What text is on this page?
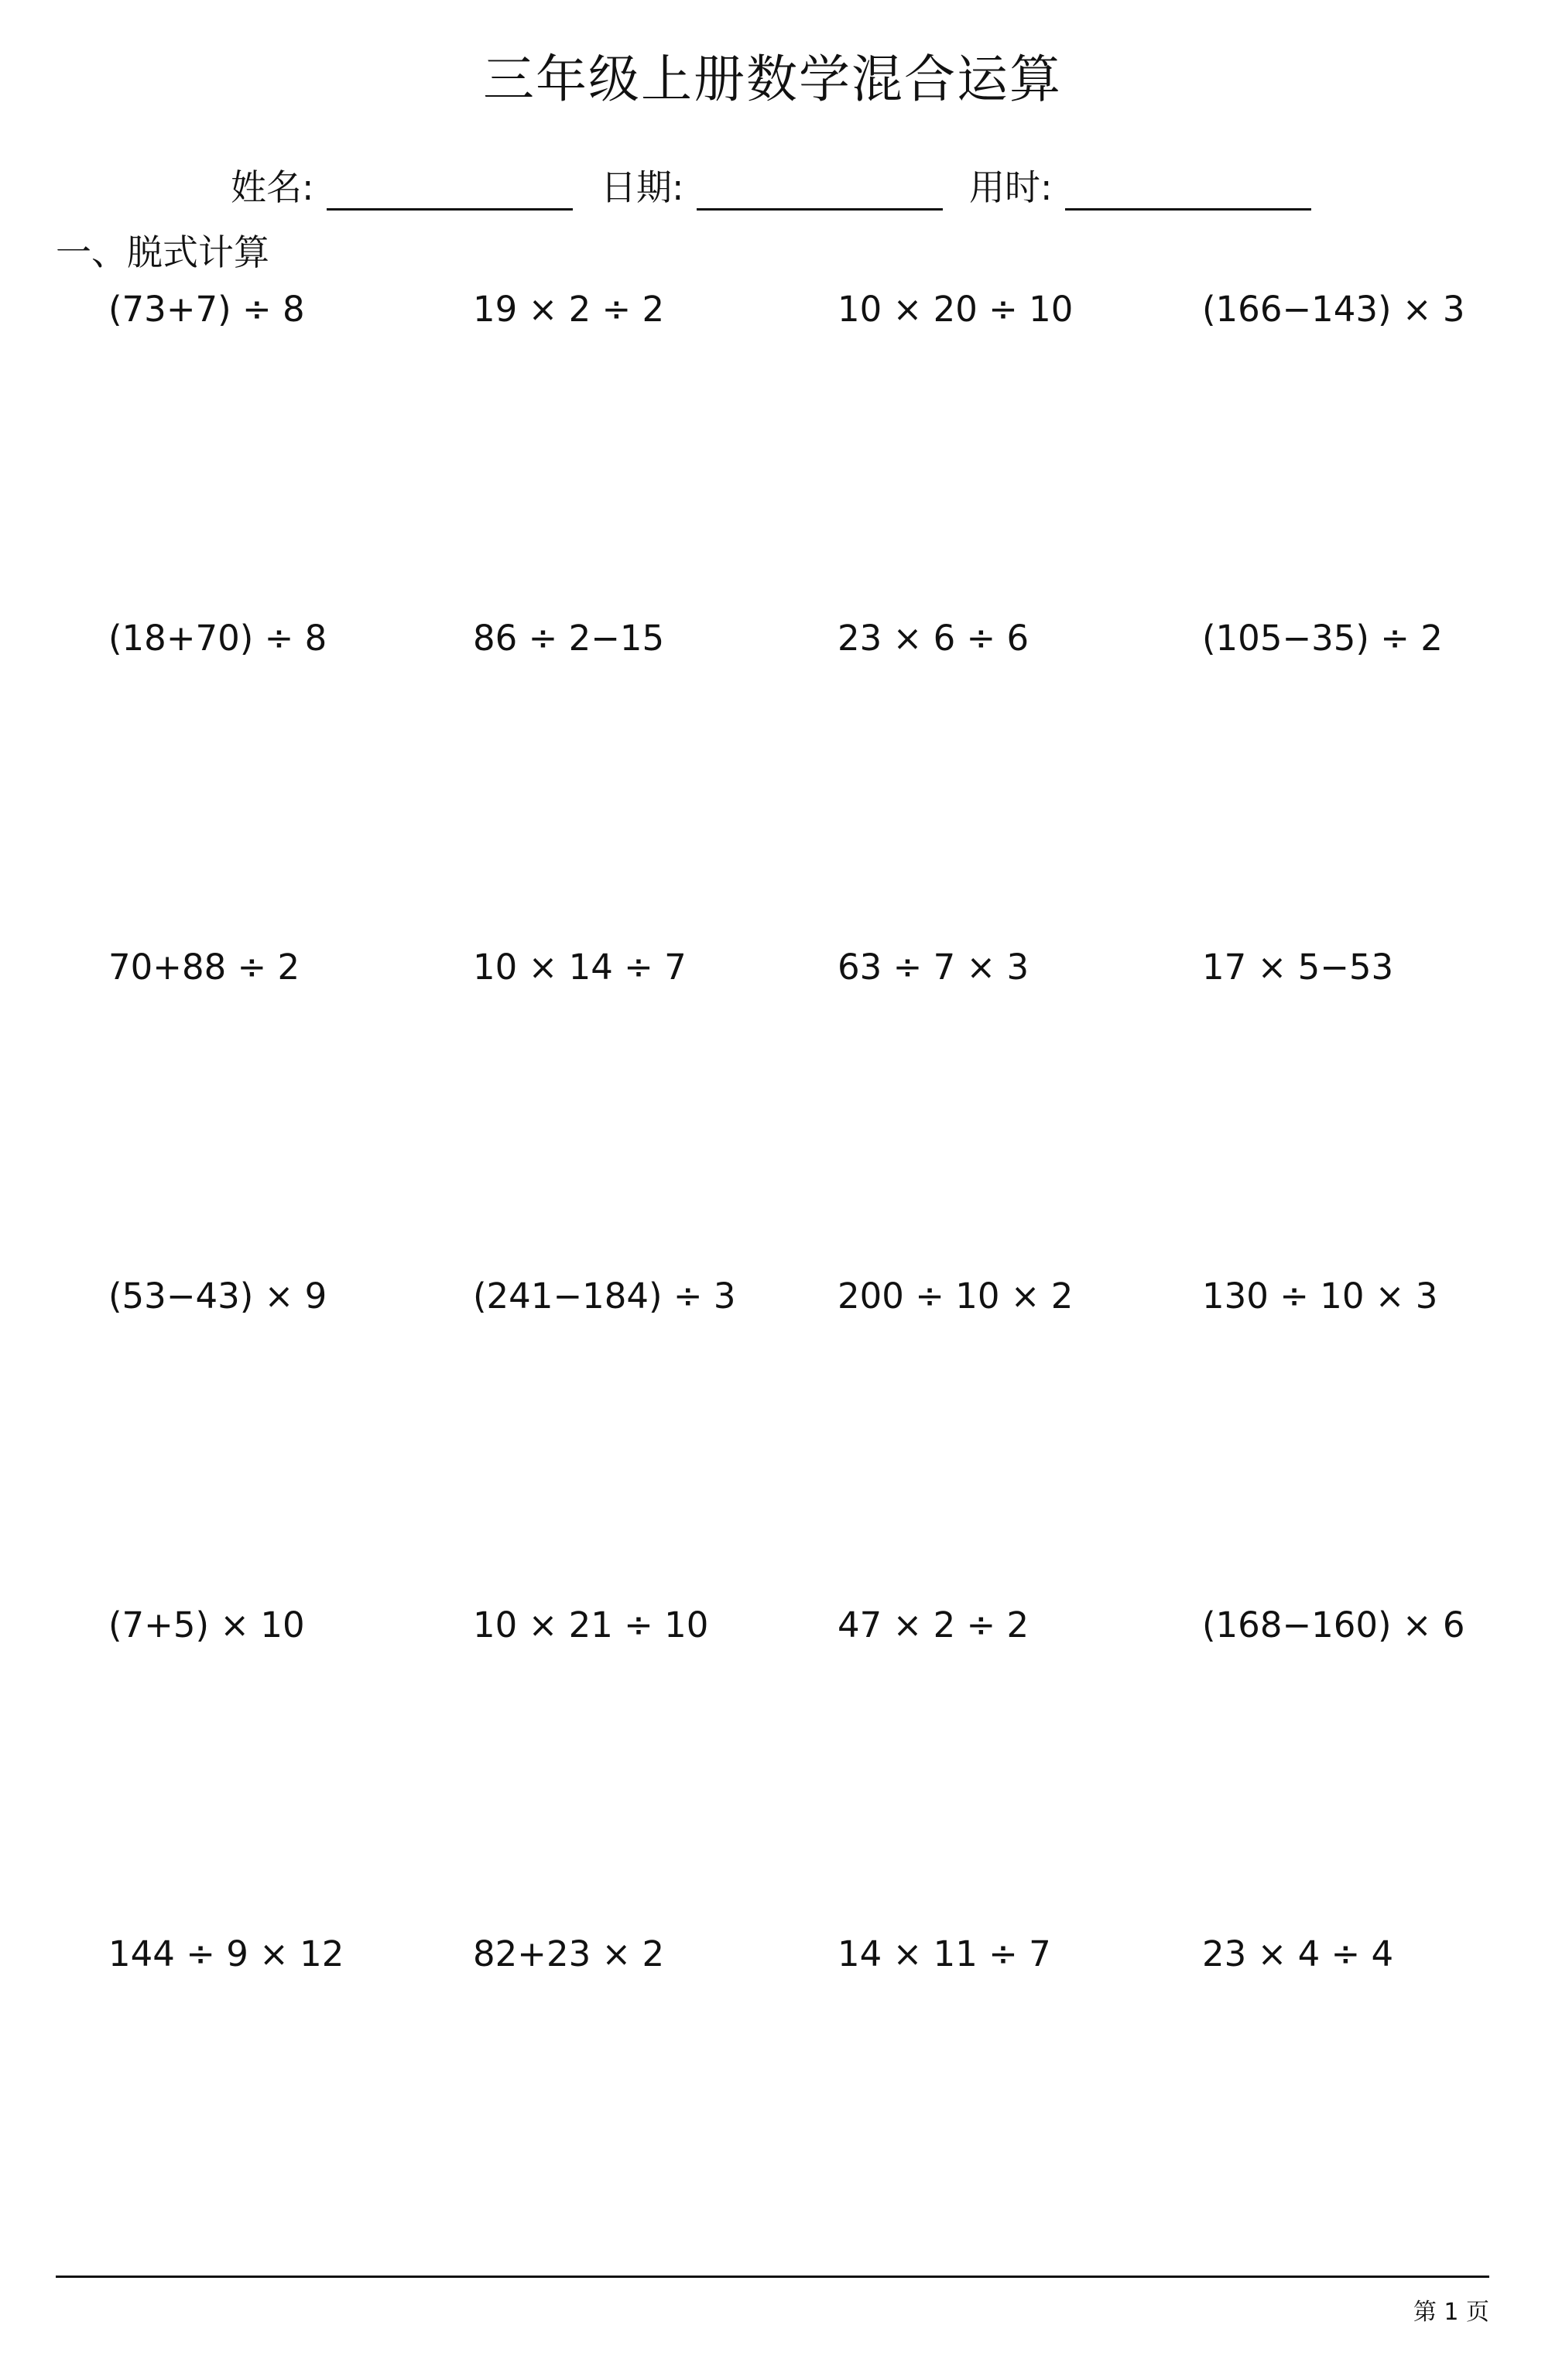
三年级上册数学混合运算
姓名:	日期:	用时:
一、脱式计算
(73+7) ÷ 8	19 × 2 ÷ 2	10 × 20 ÷ 10	(166−143) × 3
(18+70) ÷ 8	86 ÷ 2−15	23 × 6 ÷ 6	(105−35) ÷ 2
70+88 ÷ 2	10 × 14 ÷ 7	63 ÷ 7 × 3	17 × 5−53
(53−43) × 9	(241−184) ÷ 3	200 ÷ 10 × 2	130 ÷ 10 × 3
(7+5) × 10	10 × 21 ÷ 10	47 × 2 ÷ 2	(168−160) × 6
144 ÷ 9 × 12	82+23 × 2	14 × 11 ÷ 7	23 × 4 ÷ 4
第 1 页
